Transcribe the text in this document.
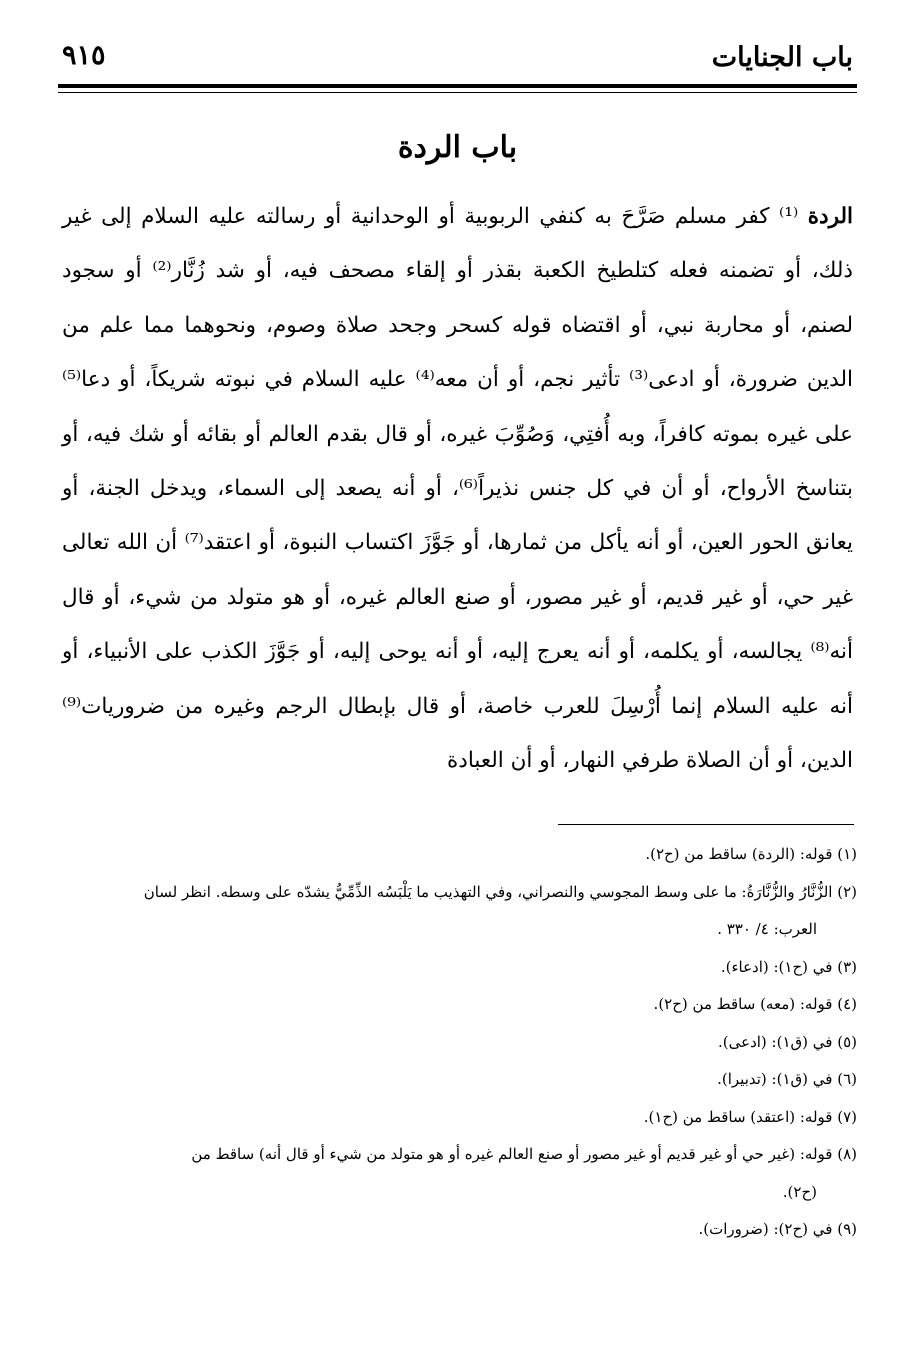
باب الجنايات
٩١٥
باب الردة
الردة ⁽¹⁾ كفر مسلم صَرَّحَ به كنفي الربوبية أو الوحدانية أو رسالته عليه السلام إلى غير ذلك، أو تضمنه فعله كتلطيخ الكعبة بقذر أو إلقاء مصحف فيه، أو شد زُنَّار⁽²⁾ أو سجود لصنم، أو محاربة نبي، أو اقتضاه قوله كسحر وجحد صلاة وصوم، ونحوهما مما علم من الدين ضرورة، أو ادعى⁽³⁾ تأثير نجم، أو أن معه⁽⁴⁾ عليه السلام في نبوته شريكاً، أو دعا⁽⁵⁾ على غيره بموته كافراً، وبه أُفتِي، وَصُوِّبَ غيره، أو قال بقدم العالم أو بقائه أو شك فيه، أو بتناسخ الأرواح، أو أن في كل جنس نذيراً⁽⁶⁾، أو أنه يصعد إلى السماء، ويدخل الجنة، أو يعانق الحور العين، أو أنه يأكل من ثمارها، أو جَوَّزَ اكتساب النبوة، أو اعتقد⁽⁷⁾ أن الله تعالى غير حي، أو غير قديم، أو غير مصور، أو صنع العالم غيره، أو هو متولد من شيء، أو قال أنه⁽⁸⁾ يجالسه، أو يكلمه، أو أنه يعرج إليه، أو أنه يوحى إليه، أو جَوَّزَ الكذب على الأنبياء، أو أنه عليه السلام إنما أُرْسِلَ للعرب خاصة، أو قال بإبطال الرجم وغيره من ضروريات⁽⁹⁾ الدين، أو أن الصلاة طرفي النهار، أو أن العبادة

(١) قوله: (الردة) ساقط من (ح٢).

(٢) الزُّنَّارُ والزُّنَّارَةُ: ما على وسط المجوسي والنصراني، وفي التهذيب ما يَلْبَسُه الذِّمِّيُّ يشدّه على وسطه. انظر لسان

العرب: ٤/ ٣٣٠ .

(٣) في (ح١): (ادعاء).

(٤) قوله: (معه) ساقط من (ح٢).

(٥) في (ق١): (ادعى).

(٦) في (ق١): (تدبيرا).

(٧) قوله: (اعتقد) ساقط من (ح١).

(٨) قوله: (غير حي أو غير قديم أو غير مصور أو صنع العالم غيره أو هو متولد من شيء أو قال أنه) ساقط من

(ح٢).

(٩) في (ح٢): (ضرورات).
